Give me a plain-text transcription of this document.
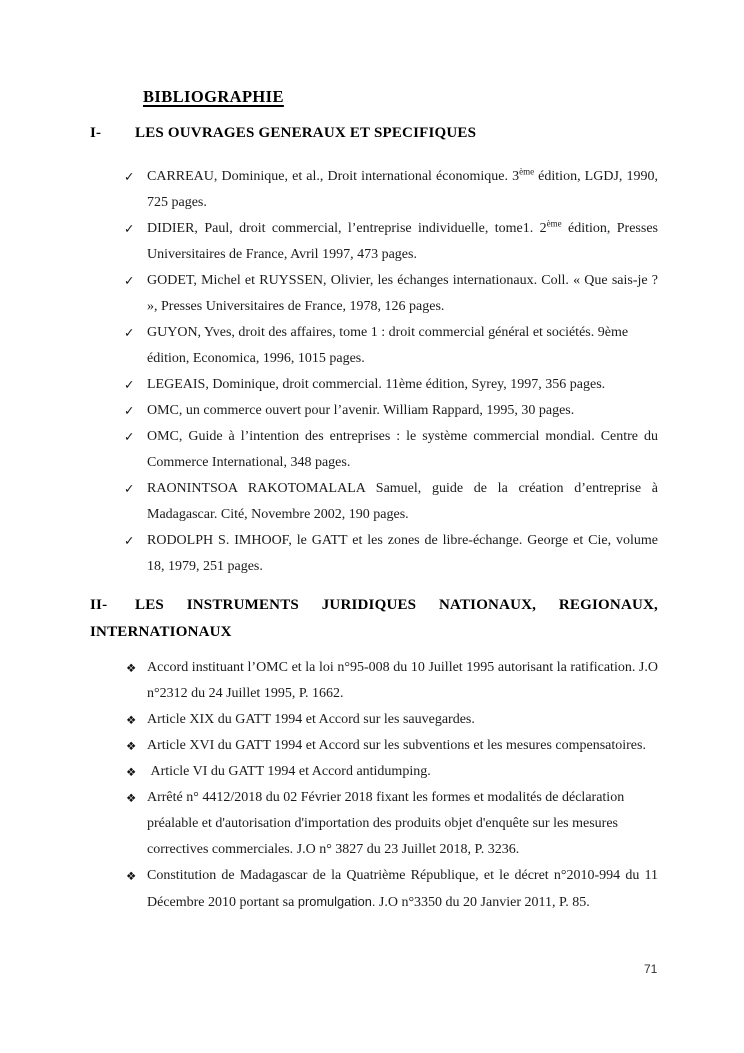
BIBLIOGRAPHIE
I- LES OUVRAGES GENERAUX ET SPECIFIQUES
✓ CARREAU, Dominique, et al., Droit international économique. 3ème édition, LGDJ, 1990, 725 pages.
✓ DIDIER, Paul, droit commercial, l’entreprise individuelle, tome1. 2ème édition, Presses Universitaires de France, Avril 1997, 473 pages.
✓ GODET, Michel et RUYSSEN, Olivier, les échanges internationaux. Coll. « Que sais-je ? », Presses Universitaires de France, 1978, 126 pages.
✓ GUYON, Yves, droit des affaires, tome 1 : droit commercial général et sociétés. 9ème édition, Economica, 1996, 1015 pages.
✓ LEGEAIS, Dominique, droit commercial. 11ème édition, Syrey, 1997, 356 pages.
✓ OMC, un commerce ouvert pour l’avenir. William Rappard, 1995, 30 pages.
✓ OMC, Guide à l’intention des entreprises : le système commercial mondial. Centre du Commerce International, 348 pages.
✓ RAONINTSOA RAKOTOMALALA Samuel, guide de la création d’entreprise à Madagascar. Cité, Novembre 2002, 190 pages.
✓ RODOLPH S. IMHOOF, le GATT et les zones de libre-échange. George et Cie, volume 18, 1979, 251 pages.
II- LES INSTRUMENTS JURIDIQUES NATIONAUX, REGIONAUX, INTERNATIONAUX
❖ Accord instituant l’OMC et la loi n°95-008 du 10 Juillet 1995 autorisant la ratification. J.O n°2312 du 24 Juillet 1995, P. 1662.
❖ Article XIX du GATT 1994 et Accord sur les sauvegardes.
❖ Article XVI du GATT 1994 et Accord sur les subventions et les mesures compensatoires.
❖ Article VI du GATT 1994 et Accord antidumping.
❖ Arrêté n° 4412/2018 du 02 Février 2018 fixant les formes et modalités de déclaration préalable et d'autorisation d'importation des produits objet d'enquête sur les mesures correctives commerciales. J.O n° 3827 du 23 Juillet 2018, P. 3236.
❖ Constitution de Madagascar de la Quatrième République, et le décret n°2010-994 du 11 Décembre 2010 portant sa promulgation. J.O n°3350 du 20 Janvier 2011, P. 85.
71
